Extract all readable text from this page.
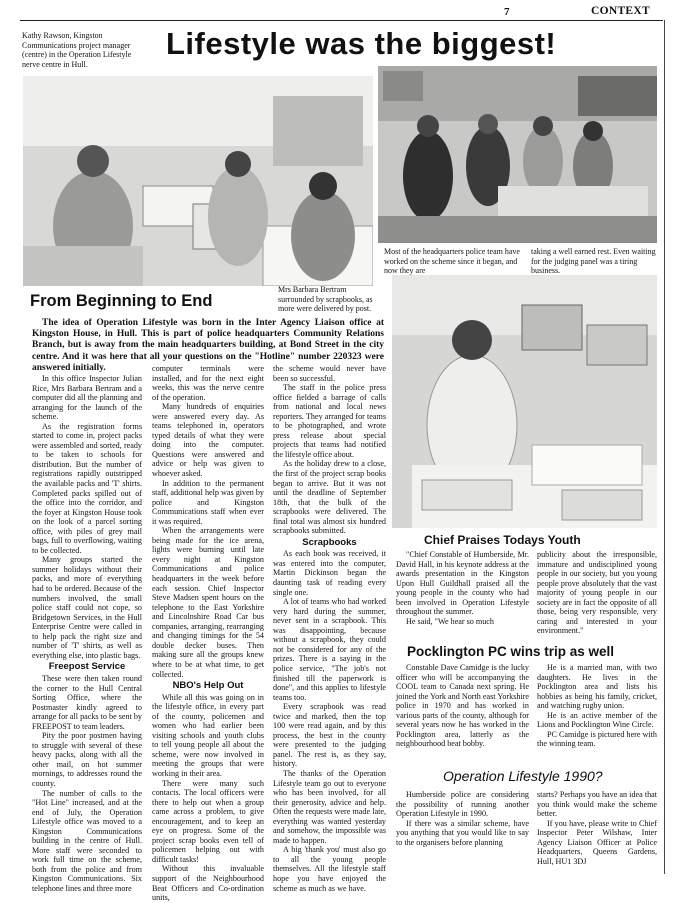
7	CONTEXT
Kathy Rawson, Kingston Communications project manager (centre) in the Operation Lifestyle nerve centre in Hull.
Lifestyle was the biggest!
Most of the headquarters police team have worked on the scheme since it began, and now they are
taking a well earned rest. Even waiting for the judging panel was a tiring business.
Mrs Barbara Bertram surrounded by scrapbooks, as more were delivered by post.
From Beginning to End
The idea of Operation Lifestyle was born in the Inter Agency Liaison office at Kingston House, in Hull. This is part of police headquarters Community Relations Branch, but is away from the main headquarters building, at Bond Street in the city centre. And it was here that all your questions on the "Hotline" number 220323 were answered initially.

In this office Inspector Julian Rice, Mrs Barbara Bertram and a computer did all the planning and arranging for the launch of the scheme.

As the registration forms started to come in, project packs were assembled and sorted, ready to be taken to schools for distribution. But the number of registrations rapidly outstripped the available packs and 'T' shirts. Completed packs spilled out of the office into the corridor, and the foyer at Kingston House took on the look of a parcel sorting office, with piles of grey mail bags, full to overflowing, waiting to be collected.

Many groups started the summer holidays without their packs, and more of everything had to be ordered. Because of the numbers involved, the small police staff could not cope, so Bridgetown Services, in the Hull Enterprise Centre were called in to help pack the right size and number of 'T' shirts, as well as everything else, into plastic bags.

Freepost Service

These were then taken round the corner to the Hull Central Sorting Office, where the Postmaster kindly agreed to arrange for all packs to be sent by FREEPOST to team leaders.

Pity the poor postmen having to struggle with several of these heavy packs, along with all the other mail, on hot summer mornings, to addresses round the county.

The number of calls to the "Hot Line" increased, and at the end of July, the Operation Lifestyle office was moved to a Kingston Communications building in the centre of Hull. More staff were seconded to work full time on the scheme, both from the police and from Kingston Communications. Six telephone lines and three more

computer terminals were installed, and for the next eight weeks, this was the nerve centre of the operation.

Many hundreds of enquiries were answered every day. As teams telephoned in, operators typed details of what they were doing into the computer. Questions were answered and advice or help was given to whoever asked.

In addition to the permanent staff, additional help was given by police and Kingston Communications staff when ever it was required.

When the arrangements were being made for the ice arena, lights were burning until late every night at Kingston Communications and police headquarters in the week before each session. Chief Inspector Steve Madsen spent hours on the telephone to the East Yorkshire and Lincolnshire Road Car bus companies, arranging, rearranging and changing timings for the 54 double decker buses. Then making sure all the groups knew where to be at what time, to get collected.

NBO's Help Out

While all this was going on in the lifestyle office, in every part of the county, policemen and women who had earlier been visiting schools and youth clubs to tell young people all about the scheme, were now involved in meeting the groups that were working in their area.

There were many such contacts. The local officers were there to help out when a group came across a problem, to give encouragement, and to keep an eye on progress. Some of the project scrap books even tell of policemen helping out with difficult tasks!

Without this invaluable support of the Neighbourhood Beat Officers and Co-ordination units,

the scheme would never have been so successful.

The staff in the police press office fielded a barrage of calls from national and local news reporters. They arranged for teams to be photographed, and wrote press release about special projects that teams had notified the lifestyle office about.

As the holiday drew to a close, the first of the project scrap books began to arrive. But it was not until the deadline of September 18th, that the bulk of the scrapbooks were delivered. The final total was almost six hundred scrapbooks submitted.

Scrapbooks

As each book was received, it was entered into the computer, Martin Dickinson began the daunting task of reading every single one.

A lot of teams who had worked very hard during the summer, never sent in a scrapbook. This was disappointing, because without a scrapbook, they could not be considered for any of the prizes. There is a saying in the police service, "The job's not finished till the paperwork is done", and this applies to lifestyle teams too.

Every scrapbook was read twice and marked, then the top 100 were read again, and by this process, the best in the county were presented to the judging panel. The rest is, as they say, history.

The thanks of the Operation Lifestyle team go out to everyone who has been involved, for all their generosity, advice and help. Often the requests were made late, everything was wanted yesterday and somehow, the impossible was made to happen.

A big 'thank you' must also go to all the young people themselves. All the lifestyle staff hope you have enjoyed the scheme as much as we have.

Chief Praises Todays Youth

"Chief Constable of Humberside, Mr. David Hall, in his keynote address at the awards presentation in the Kingston Upon Hull Guildhall praised all the young people in the county who had been involved in Operation Lifestyle throughout the summer.

He said, "We hear so much

publicity about the irresponsible, immature and undisciplined young people in our society, but you young people prove absolutely that the vast majority of young people in our society are in fact the opposite of all those, being very responsible, very caring and interested in your environment."

Pocklington PC wins trip as well

Constable Dave Camidge is the lucky officer who will be accompanying the COOL team to Canada next spring. He joined the York and North east Yorkshire police in 1970 and has worked in various parts of the county, although for several years now he has worked in the Pocklington area, latterly as the neighbourhood beat bobby.

He is a married man, with two daughters. He lives in the Pocklington area and lists his hobbies as being his family, cricket, and watching rugby union.

He is an active member of the Lions and Pocklington Wine Circle.

PC Camidge is pictured here with the winning team.

Operation Lifestyle 1990?

Humberside police are considering the possibility of running another Operation Lifestyle in 1990.

If there was a similar scheme, have you anything that you would like to say to the organisers before planning

starts? Perhaps you have an idea that you think would make the scheme better.

If you have, please write to Chief Inspector Peter Wilshaw, Inter Agency Liaison Officer at Police Headquarters, Queens Gardens, Hull, HU1 3DJ
